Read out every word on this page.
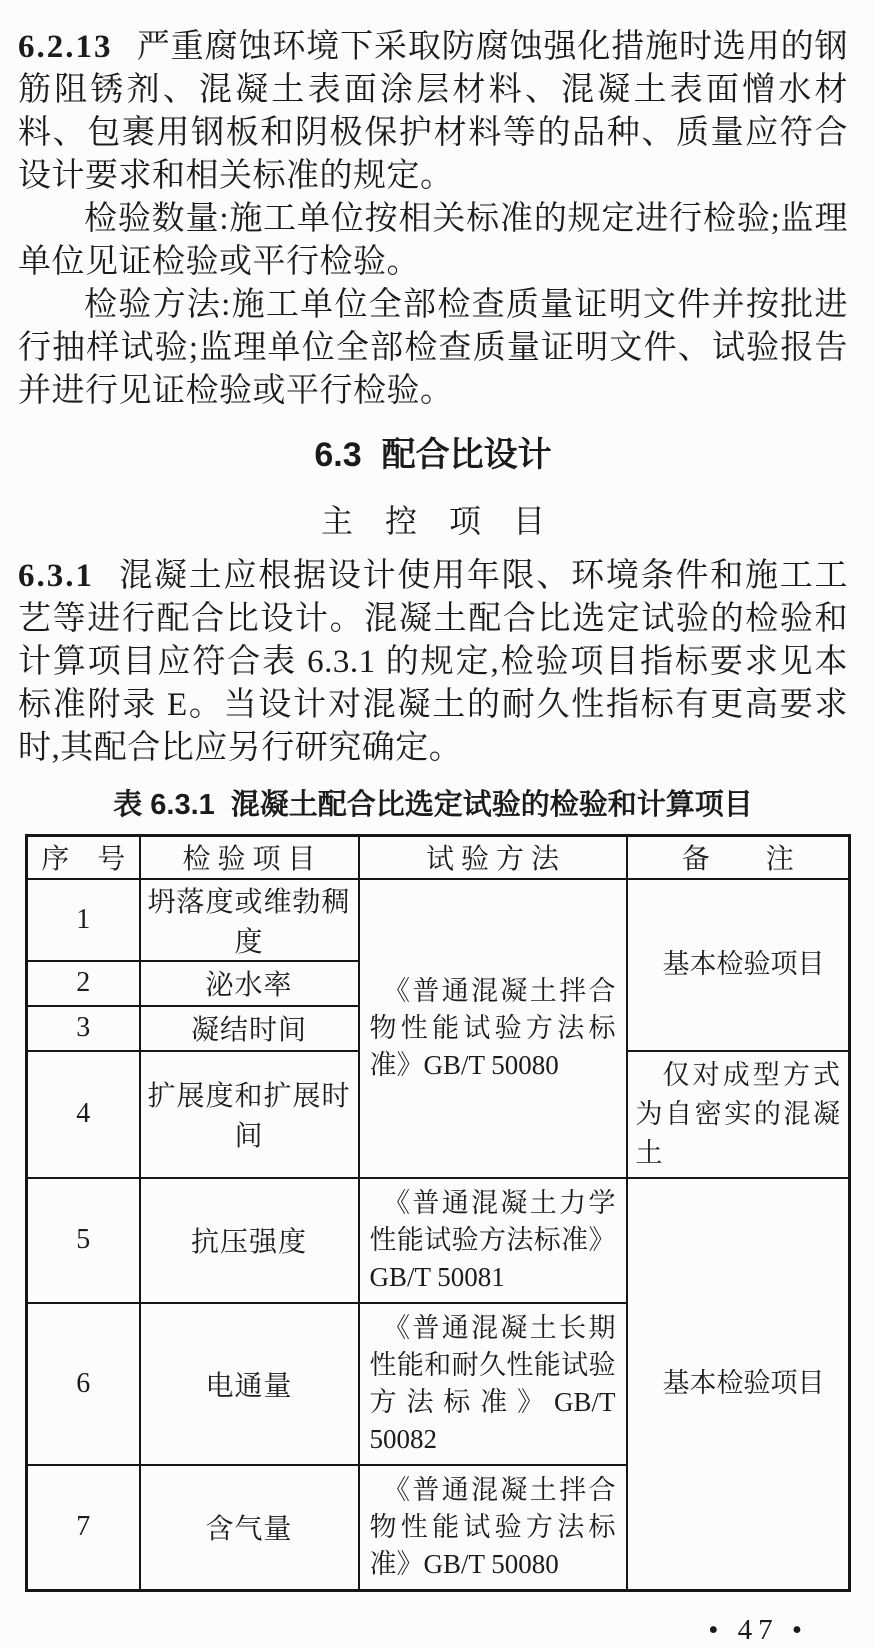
6.2.13 严重腐蚀环境下采取防腐蚀强化措施时选用的钢筋阻锈剂、混凝土表面涂层材料、混凝土表面憎水材料、包裹用钢板和阴极保护材料等的品种、质量应符合设计要求和相关标准的规定。

检验数量:施工单位按相关标准的规定进行检验;监理单位见证检验或平行检验。

检验方法:施工单位全部检查质量证明文件并按批进行抽样试验;监理单位全部检查质量证明文件、试验报告并进行见证检验或平行检验。

6.3 配合比设计
主　控　项　目

6.3.1 混凝土应根据设计使用年限、环境条件和施工工艺等进行配合比设计。混凝土配合比选定试验的检验和计算项目应符合表 6.3.1 的规定,检验项目指标要求见本标准附录 E。当设计对混凝土的耐久性指标有更高要求时,其配合比应另行研究确定。

表 6.3.1 混凝土配合比选定试验的检验和计算项目
序　号	检 验 项 目	试 验 方 法	备　　注
1	坍落度或维勃稠度	《普通混凝土拌合物性能试验方法标准》GB/T 50080	基本检验项目
2	泌水率		
3	凝结时间		
4	扩展度和扩展时间		仅对成型方式为自密实的混凝土
5	抗压强度	《普通混凝土力学性能试验方法标准》GB/T 50081	基本检验项目
6	电通量	《普通混凝土长期性能和耐久性能试验方法标准》GB/T 50082	
7	含气量	《普通混凝土拌合物性能试验方法标准》GB/T 50080	
• 47 •
